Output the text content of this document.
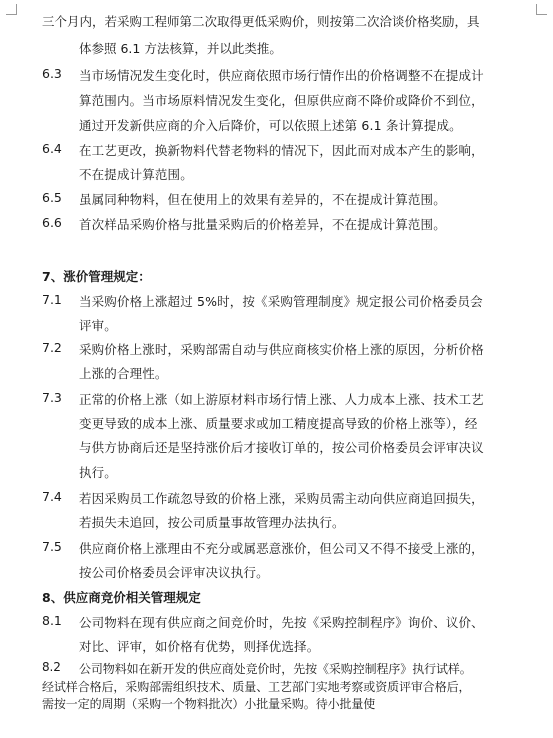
三个月内，若采购工程师第二次取得更低采购价，则按第二次洽谈价格奖励，具
体参照 6.1 方法核算，并以此类推。
6.3 当市场情况发生变化时，供应商依照市场行情作出的价格调整不在提成计
算范围内。当市场原料情况发生变化，但原供应商不降价或降价不到位，
通过开发新供应商的介入后降价，可以依照上述第 6.1 条计算提成。
6.4 在工艺更改，换新物料代替老物料的情况下，因此而对成本产生的影响，
不在提成计算范围。
6.5 虽属同种物料，但在使用上的效果有差异的，不在提成计算范围。
6.6 首次样品采购价格与批量采购后的价格差异，不在提成计算范围。
7、涨价管理规定：
7.1 当采购价格上涨超过 5%时，按《采购管理制度》规定报公司价格委员会
评审。
7.2 采购价格上涨时，采购部需自动与供应商核实价格上涨的原因，分析价格
上涨的合理性。
7.3 正常的价格上涨（如上游原材料市场行情上涨、人力成本上涨、技术工艺
变更导致的成本上涨、质量要求或加工精度提高导致的价格上涨等），经
与供方协商后还是坚持涨价后才接收订单的，按公司价格委员会评审决议
执行。
7.4 若因采购员工作疏忽导致的价格上涨，采购员需主动向供应商追回损失，
若损失未追回，按公司质量事故管理办法执行。
7.5 供应商价格上涨理由不充分或属恶意涨价，但公司又不得不接受上涨的，
按公司价格委员会评审决议执行。
8、供应商竞价相关管理规定
8.1 公司物料在现有供应商之间竞价时，先按《采购控制程序》询价、议价、
对比、评审，如价格有优势，则择优选择。
8.2 公司物料如在新开发的供应商处竞价时，先按《采购控制程序》执行试样。
经试样合格后，采购部需组织技术、质量、工艺部门实地考察或资质评审合格后，
需按一定的周期（采购一个物料批次）小批量采购。待小批量使
